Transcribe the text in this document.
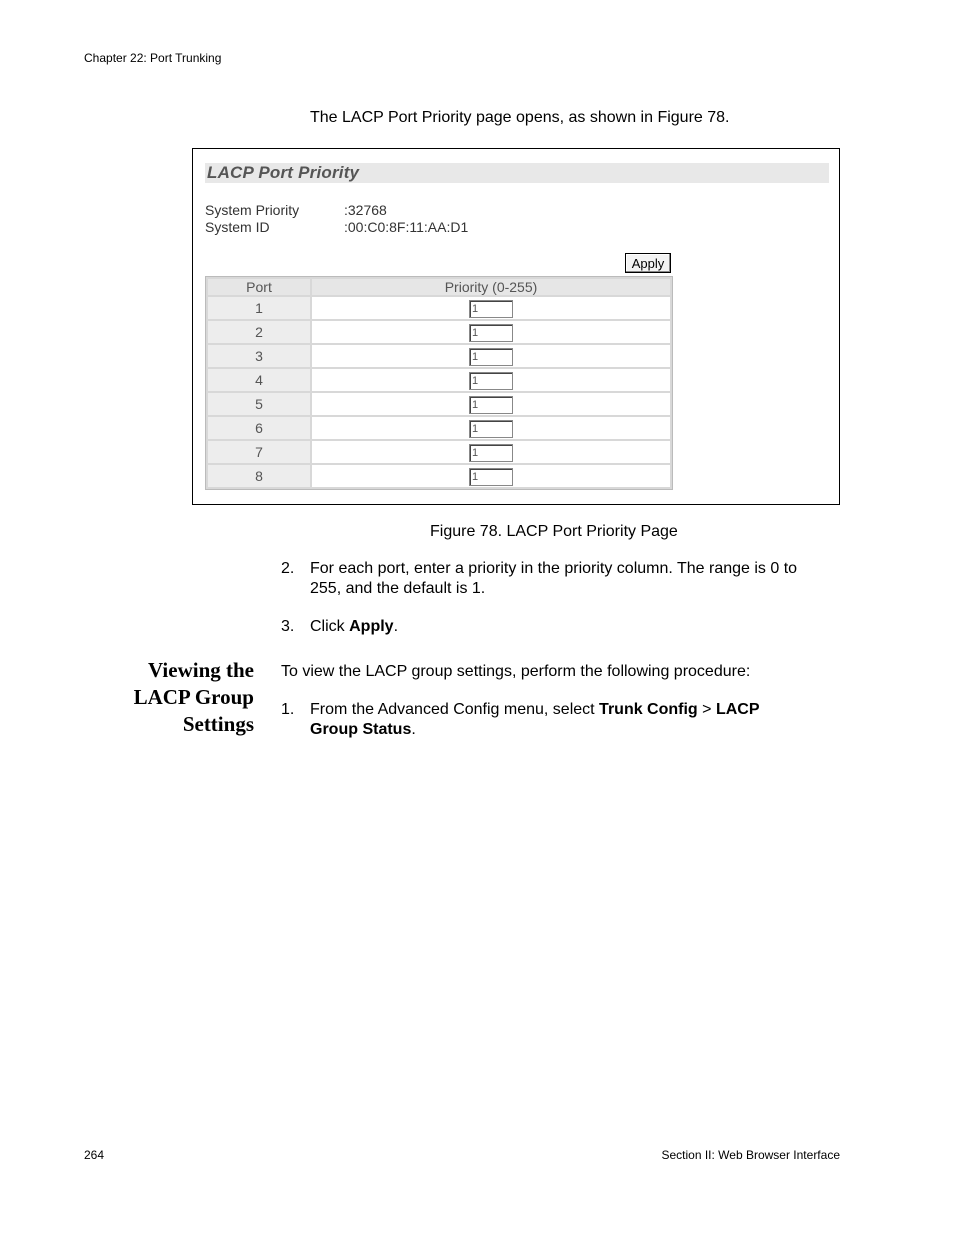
Chapter 22: Port Trunking
The LACP Port Priority page opens, as shown in Figure 78.
LACP Port Priority
System Priority	:32768
System ID	:00:C0:8F:11:AA:D1
Apply
Port	Priority (0-255)
1	1
2	1
3	1
4	1
5	1
6	1
7	1
8	1
Figure 78. LACP Port Priority Page
2. For each port, enter a priority in the priority column. The range is 0 to
255, and the default is 1.
3. Click Apply.
Viewing the
LACP Group
Settings
To view the LACP group settings, perform the following procedure:
1. From the Advanced Config menu, select Trunk Config > LACP
Group Status.
264	Section II: Web Browser Interface
